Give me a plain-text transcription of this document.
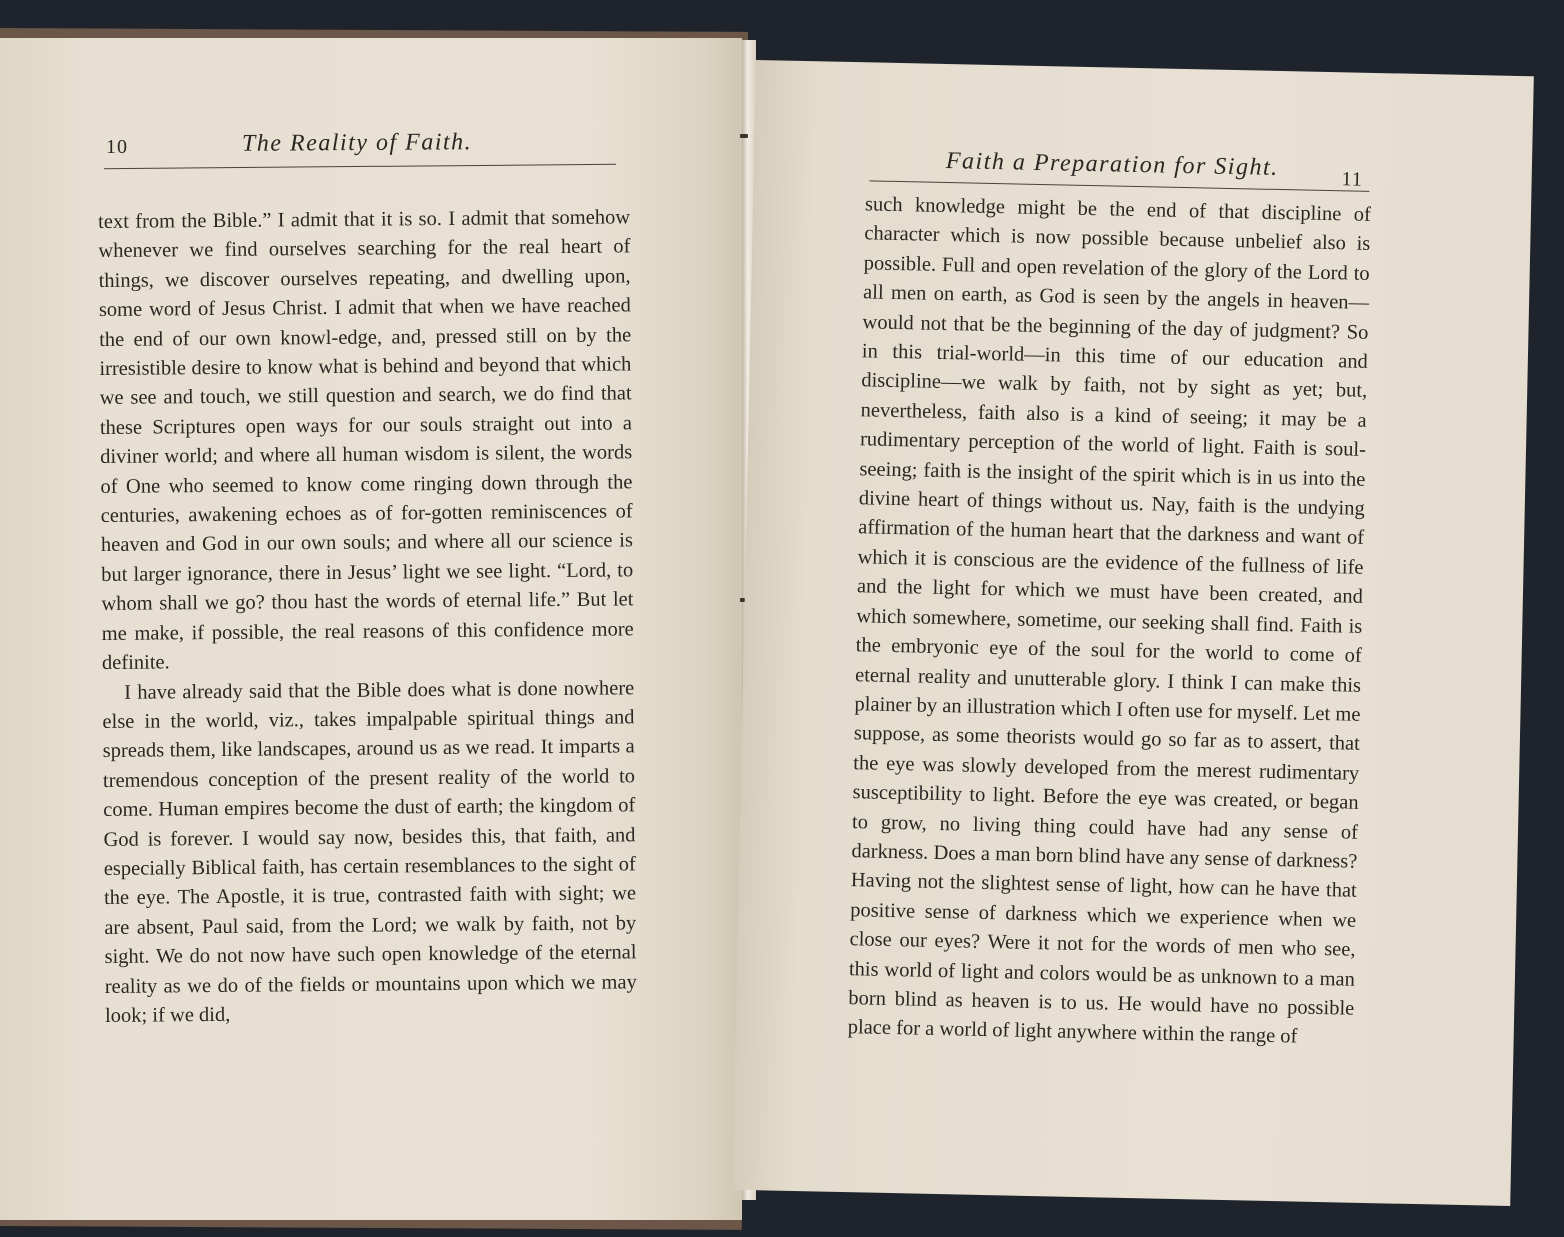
10	The Reality of Faith.

text from the Bible.” I admit that it is so. I admit that somehow whenever we find ourselves searching for the real heart of things, we discover ourselves repeating, and dwelling upon, some word of Jesus Christ. I admit that when we have reached the end of our own knowl-edge, and, pressed still on by the irresistible desire to know what is behind and beyond that which we see and touch, we still question and search, we do find that these Scriptures open ways for our souls straight out into a diviner world; and where all human wisdom is silent, the words of One who seemed to know come ringing down through the centuries, awakening echoes as of for-gotten reminiscences of heaven and God in our own souls; and where all our science is but larger ignorance, there in Jesus’ light we see light. “Lord, to whom shall we go? thou hast the words of eternal life.” But let me make, if possible, the real reasons of this confidence more definite.

I have already said that the Bible does what is done nowhere else in the world, viz., takes impalpable spiritual things and spreads them, like landscapes, around us as we read. It imparts a tremendous conception of the present reality of the world to come. Human empires become the dust of earth; the kingdom of God is forever. I would say now, besides this, that faith, and especially Biblical faith, has certain resemblances to the sight of the eye. The Apostle, it is true, contrasted faith with sight; we are absent, Paul said, from the Lord; we walk by faith, not by sight. We do not now have such open knowledge of the eternal reality as we do of the fields or mountains upon which we may look; if we did,

Faith a Preparation for Sight.	11

such knowledge might be the end of that discipline of character which is now possible because unbelief also is possible. Full and open revelation of the glory of the Lord to all men on earth, as God is seen by the angels in heaven—would not that be the beginning of the day of judgment? So in this trial-world—in this time of our education and discipline—we walk by faith, not by sight as yet; but, nevertheless, faith also is a kind of seeing; it may be a rudimentary perception of the world of light. Faith is soul-seeing; faith is the insight of the spirit which is in us into the divine heart of things without us. Nay, faith is the undying affirmation of the human heart that the darkness and want of which it is conscious are the evidence of the fullness of life and the light for which we must have been created, and which somewhere, sometime, our seeking shall find. Faith is the embryonic eye of the soul for the world to come of eternal reality and unutterable glory. I think I can make this plainer by an illustration which I often use for myself. Let me suppose, as some theorists would go so far as to assert, that the eye was slowly developed from the merest rudimentary susceptibility to light. Before the eye was created, or began to grow, no living thing could have had any sense of darkness. Does a man born blind have any sense of darkness? Having not the slightest sense of light, how can he have that positive sense of darkness which we experience when we close our eyes? Were it not for the words of men who see, this world of light and colors would be as unknown to a man born blind as heaven is to us. He would have no possible place for a world of light anywhere within the range of
